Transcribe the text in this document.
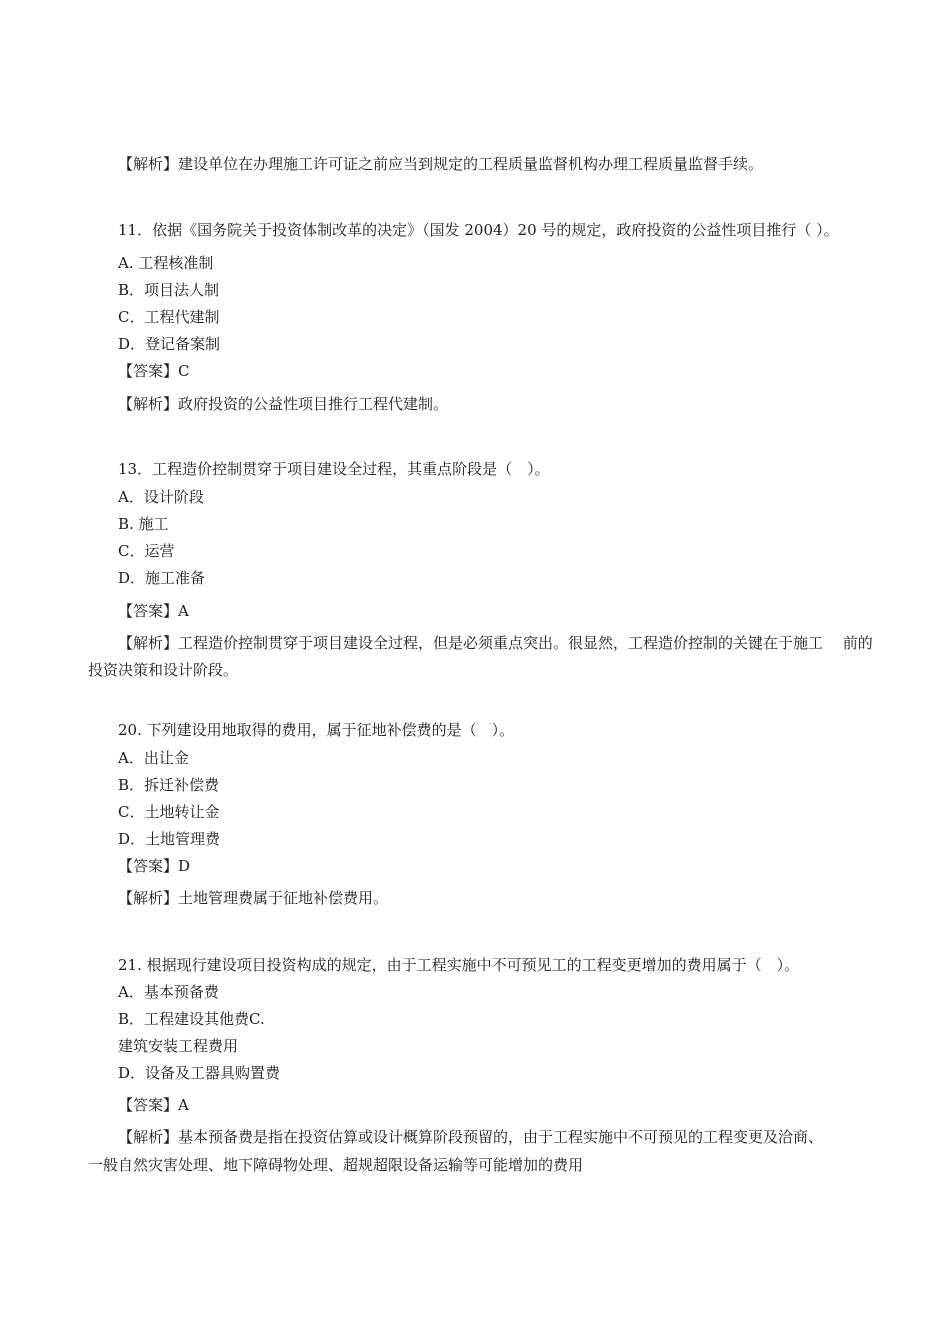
【解析】建设单位在办理施工许可证之前应当到规定的工程质量监督机构办理工程质量监督手续。
11．依据《国务院关于投资体制改革的决定》（国发 2004）20 号的规定，政府投资的公益性项目推行（ ）。
A. 工程核准制
B．项目法人制
C．工程代建制
D．登记备案制
【答案】C
【解析】政府投资的公益性项目推行工程代建制。
13．工程造价控制贯穿于项目建设全过程，其重点阶段是（　）。
A．设计阶段
B. 施工
C．运营
D．施工准备
【答案】A
【解析】工程造价控制贯穿于项目建设全过程，但是必须重点突出。很显然，工程造价控制的关键在于施工　 前的
投资决策和设计阶段。
20. 下列建设用地取得的费用，属于征地补偿费的是（　）。
A．出让金
B．拆迁补偿费
C．土地转让金
D．土地管理费
【答案】D
【解析】土地管理费属于征地补偿费用。
21. 根据现行建设项目投资构成的规定，由于工程实施中不可预见工的工程变更增加的费用属于（　）。
A．基本预备费
B．工程建设其他费C.
建筑安装工程费用
D．设备及工器具购置费
【答案】A
【解析】基本预备费是指在投资估算或设计概算阶段预留的，由于工程实施中不可预见的工程变更及洽商、
一般自然灾害处理、地下障碍物处理、超规超限设备运输等可能增加的费用
